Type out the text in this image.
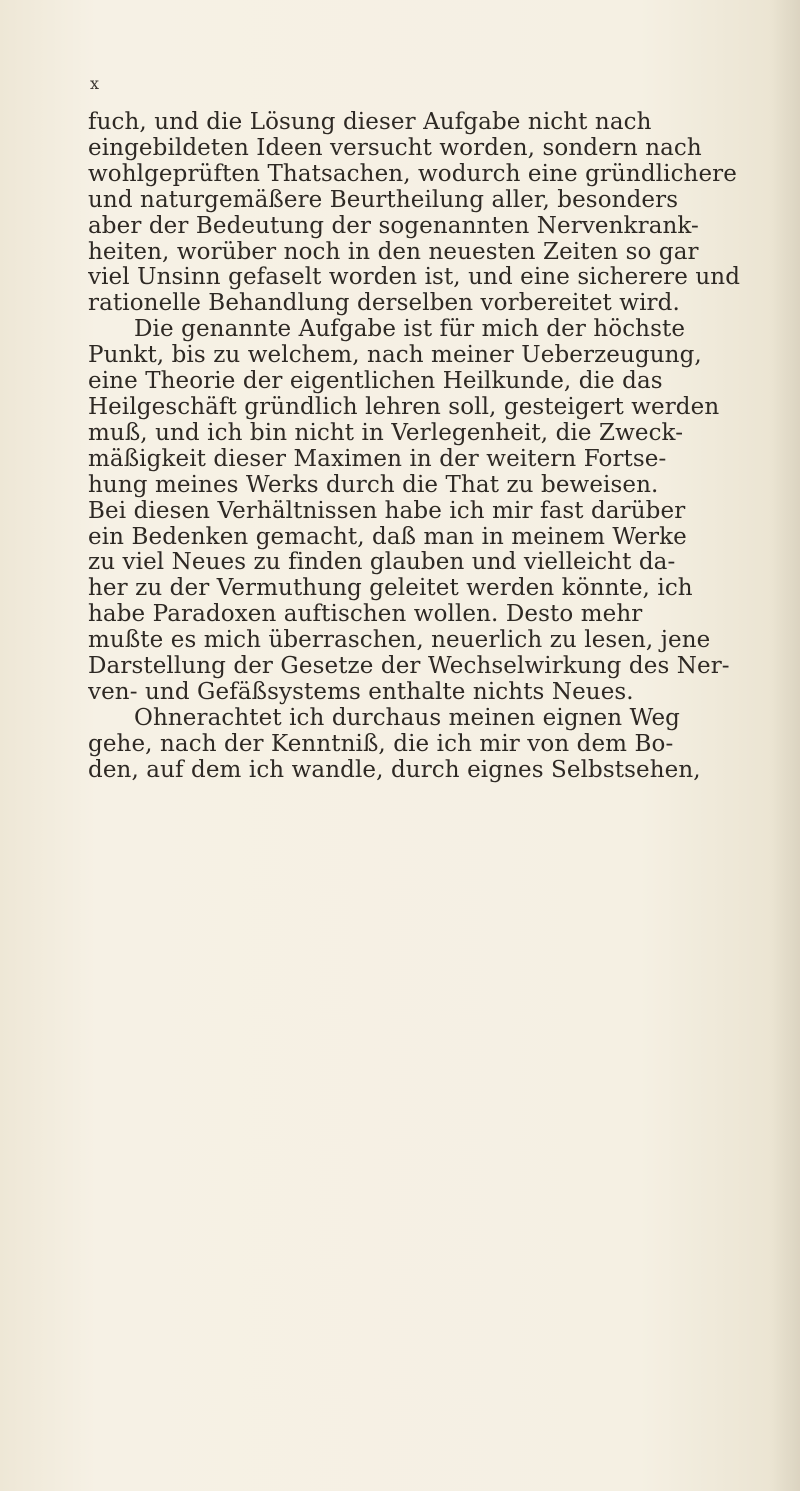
x
fuch, und die Lösung dieser Aufgabe nicht nach
eingebildeten Ideen versucht worden, sondern nach
wohlgeprüften Thatsachen, wodurch eine gründlichere
und naturgemäßere Beurtheilung aller, besonders
aber der Bedeutung der sogenannten Nervenkrank-
heiten, worüber noch in den neuesten Zeiten so gar
viel Unsinn gefaselt worden ist, und eine sicherere und
rationelle Behandlung derselben vorbereitet wird.
Die genannte Aufgabe ist für mich der höchste
Punkt, bis zu welchem, nach meiner Ueberzeugung,
eine Theorie der eigentlichen Heilkunde, die das
Heilgeschäft gründlich lehren soll, gesteigert werden
muß, und ich bin nicht in Verlegenheit, die Zweck-
mäßigkeit dieser Maximen in der weitern Fortse-
hung meines Werks durch die That zu beweisen.
Bei diesen Verhältnissen habe ich mir fast darüber
ein Bedenken gemacht, daß man in meinem Werke
zu viel Neues zu finden glauben und vielleicht da-
her zu der Vermuthung geleitet werden könnte, ich
habe Paradoxen auftischen wollen. Desto mehr
mußte es mich überraschen, neuerlich zu lesen, jene
Darstellung der Gesetze der Wechselwirkung des Ner-
ven- und Gefäßsystems enthalte nichts Neues.
Ohnerachtet ich durchaus meinen eignen Weg
gehe, nach der Kenntniß, die ich mir von dem Bo-
den, auf dem ich wandle, durch eignes Selbstsehen,
